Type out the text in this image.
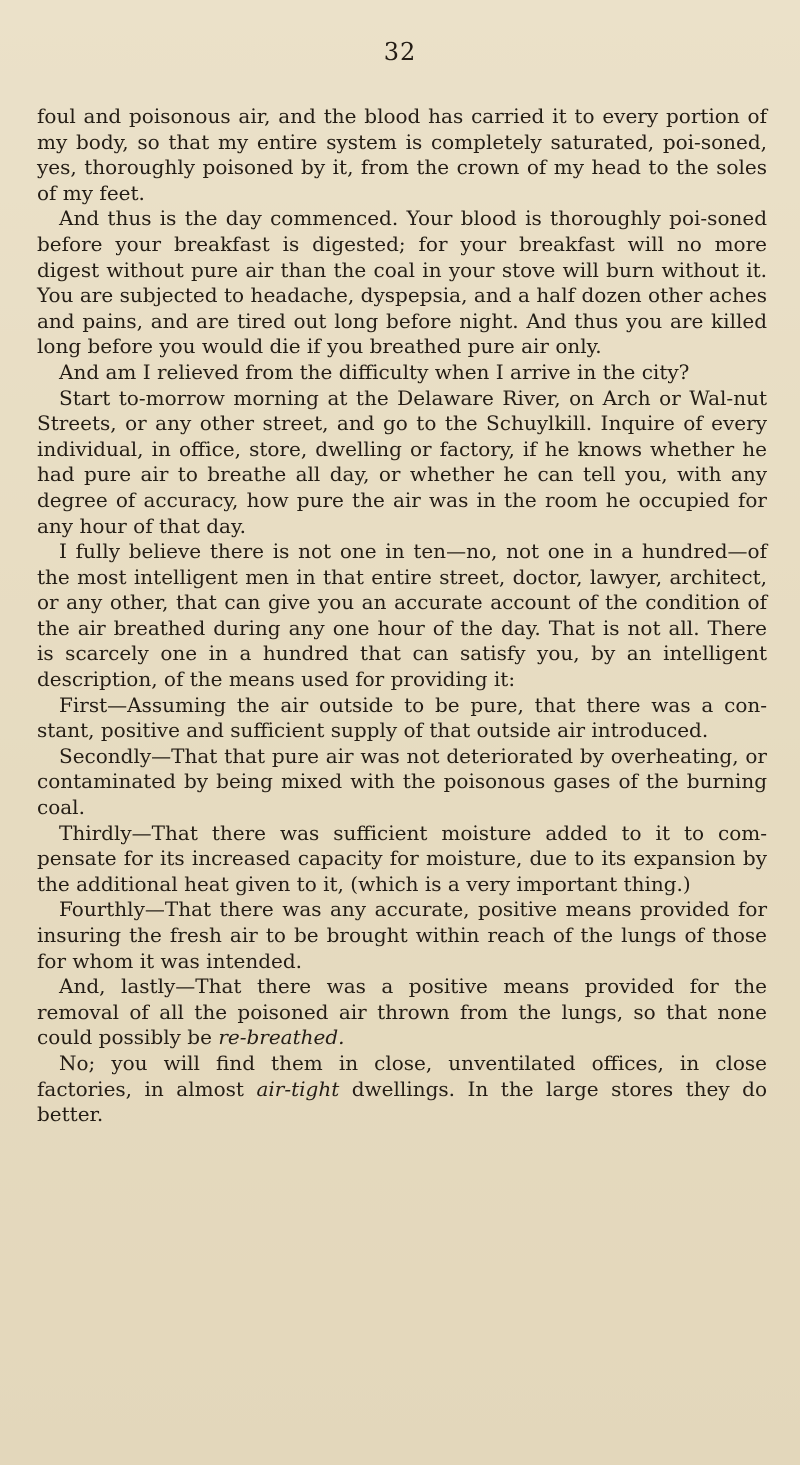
32

foul and poisonous air, and the blood has carried it to every portion of my body, so that my entire system is completely saturated, poi-soned, yes, thoroughly poisoned by it, from the crown of my head to the soles of my feet.

And thus is the day commenced. Your blood is thoroughly poi-soned before your breakfast is digested; for your breakfast will no more digest without pure air than the coal in your stove will burn without it. You are subjected to headache, dyspepsia, and a half dozen other aches and pains, and are tired out long before night. And thus you are killed long before you would die if you breathed pure air only.

And am I relieved from the difficulty when I arrive in the city?

Start to-morrow morning at the Delaware River, on Arch or Wal-nut Streets, or any other street, and go to the Schuylkill. Inquire of every individual, in office, store, dwelling or factory, if he knows whether he had pure air to breathe all day, or whether he can tell you, with any degree of accuracy, how pure the air was in the room he occupied for any hour of that day.

I fully believe there is not one in ten—no, not one in a hundred—of the most intelligent men in that entire street, doctor, lawyer, architect, or any other, that can give you an accurate account of the condition of the air breathed during any one hour of the day. That is not all. There is scarcely one in a hundred that can satisfy you, by an intelligent description, of the means used for providing it:

First—Assuming the air outside to be pure, that there was a con-stant, positive and sufficient supply of that outside air introduced.

Secondly—That that pure air was not deteriorated by overheating, or contaminated by being mixed with the poisonous gases of the burning coal.

Thirdly—That there was sufficient moisture added to it to com-pensate for its increased capacity for moisture, due to its expansion by the additional heat given to it, (which is a very important thing.)

Fourthly—That there was any accurate, positive means provided for insuring the fresh air to be brought within reach of the lungs of those for whom it was intended.

And, lastly—That there was a positive means provided for the removal of all the poisoned air thrown from the lungs, so that none could possibly be re-breathed.

No; you will find them in close, unventilated offices, in close factories, in almost air-tight dwellings. In the large stores they do better.
